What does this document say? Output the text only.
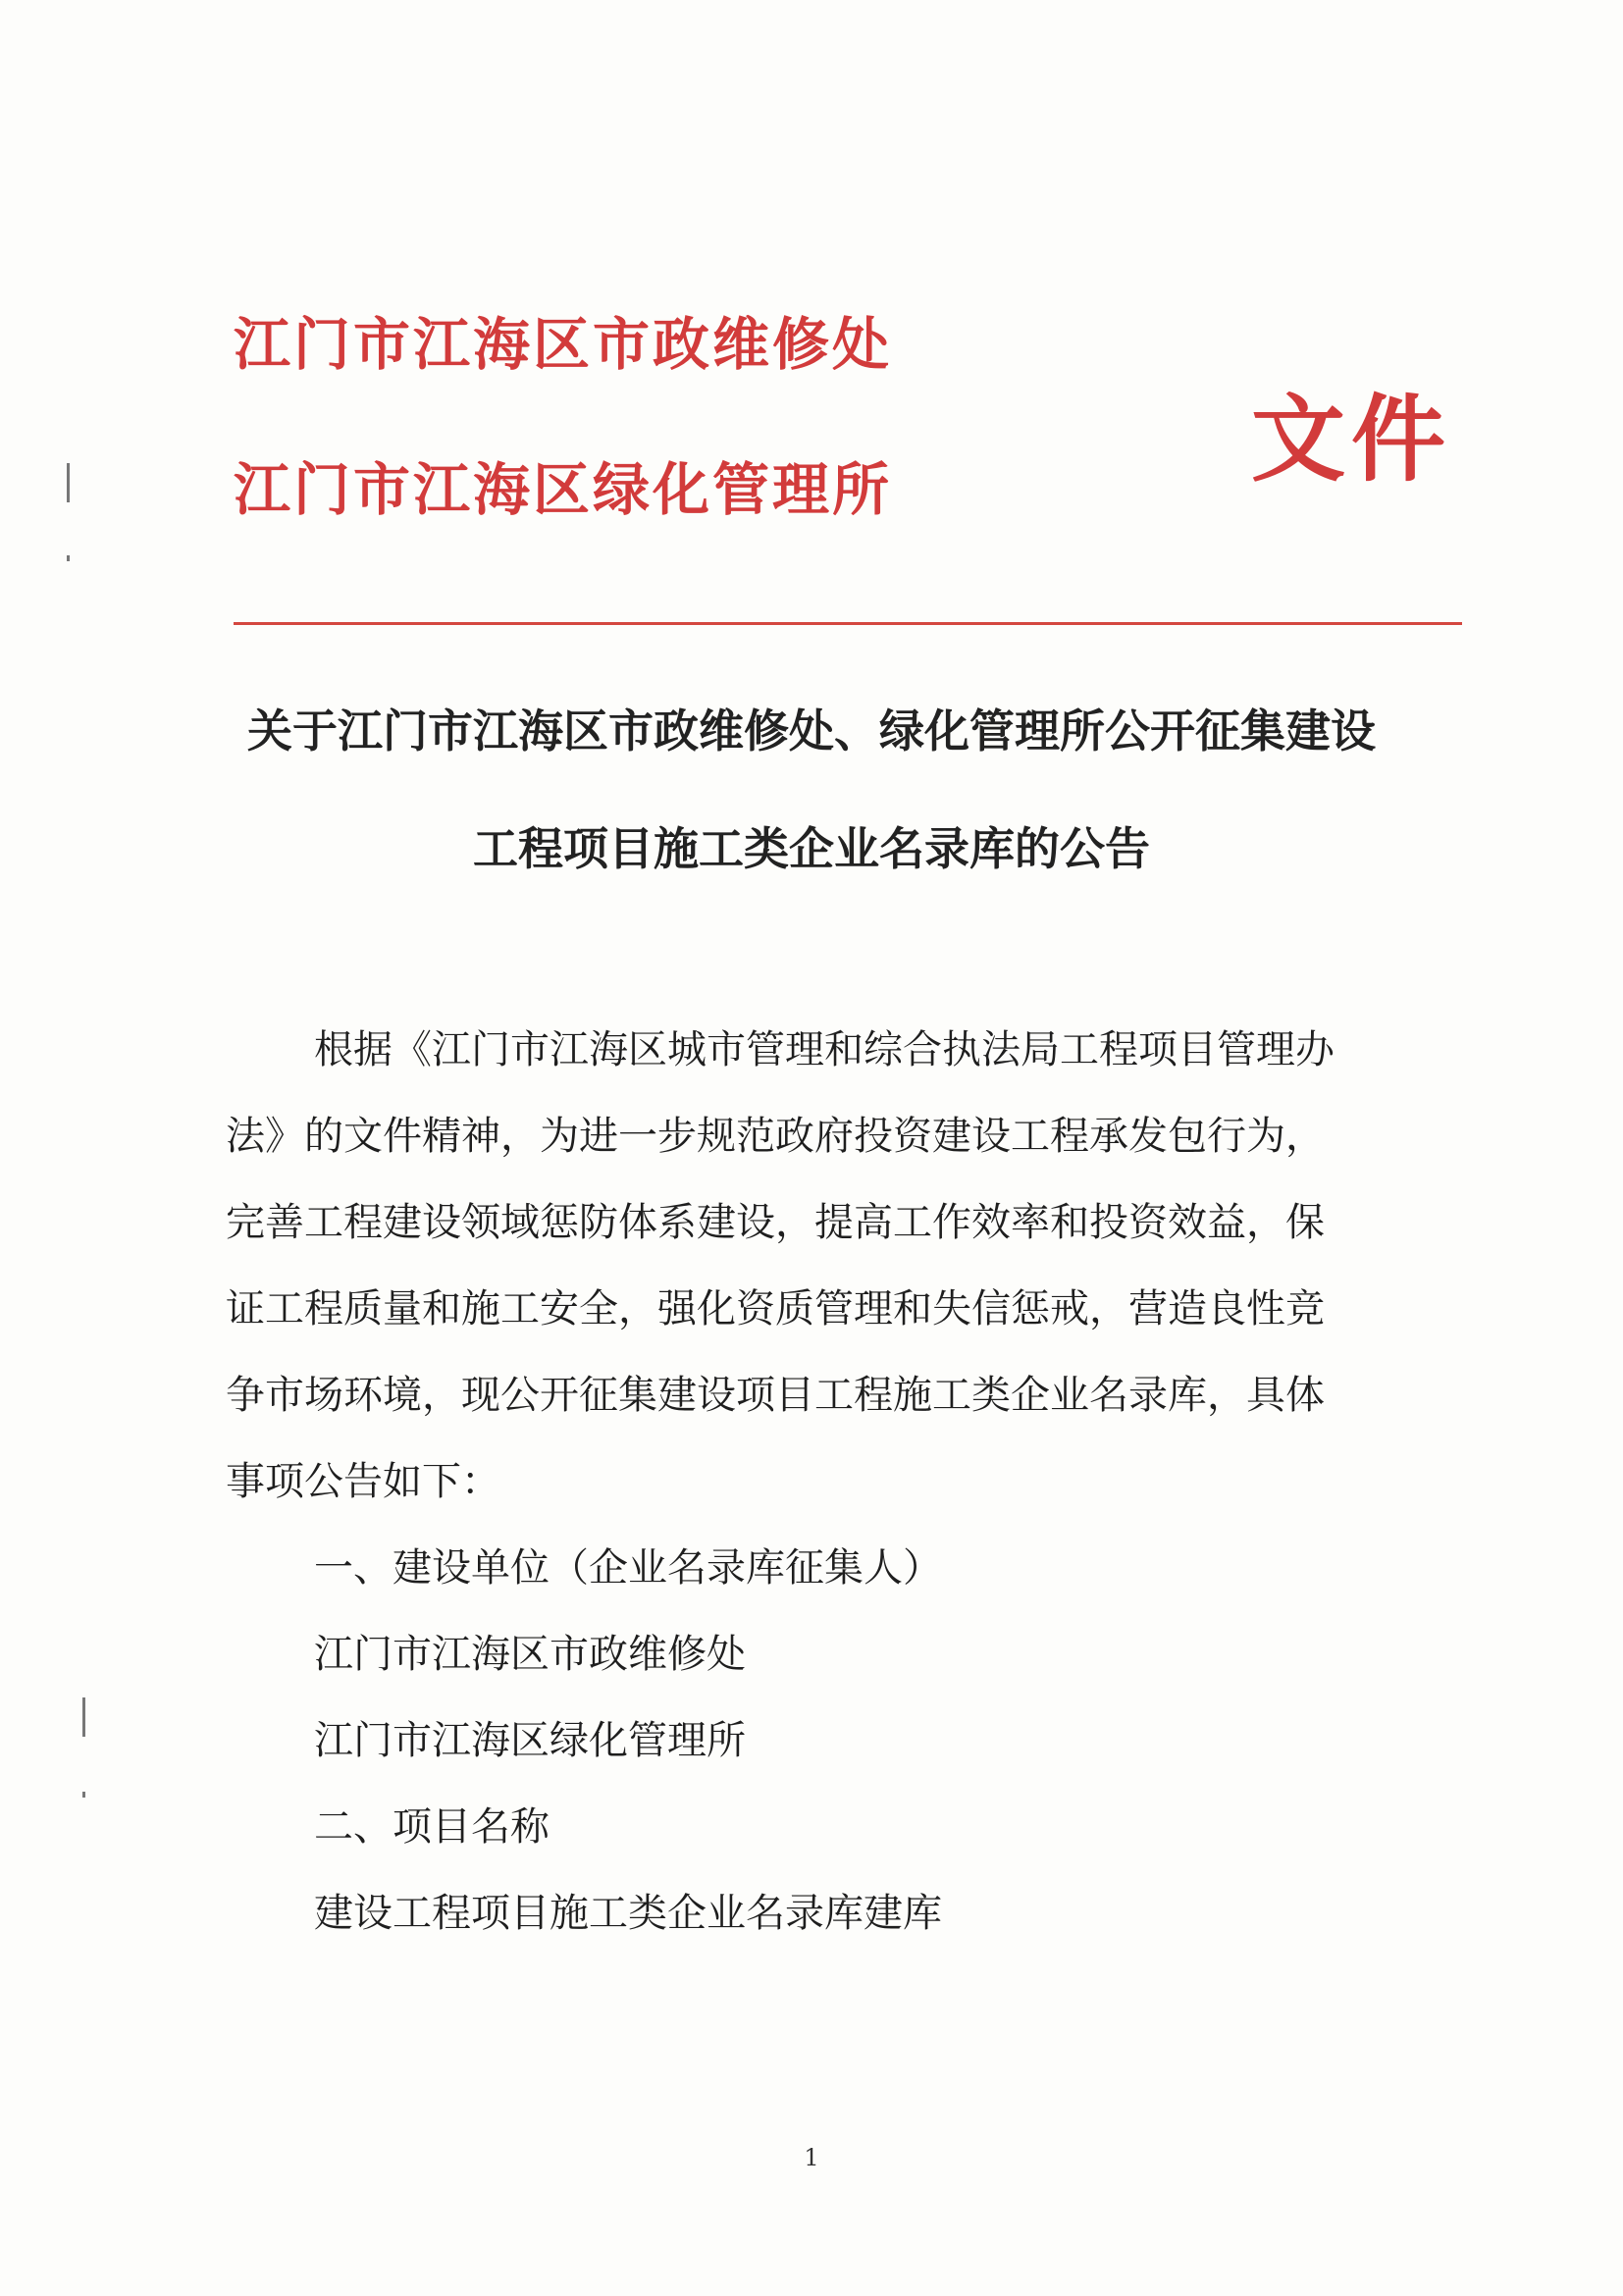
江门市江海区市政维修处
江门市江海区绿化管理所	文件
关于江门市江海区市政维修处、绿化管理所公开征集建设
工程项目施工类企业名录库的公告
根据《江门市江海区城市管理和综合执法局工程项目管理办
法》的文件精神，为进一步规范政府投资建设工程承发包行为，
完善工程建设领域惩防体系建设，提高工作效率和投资效益，保
证工程质量和施工安全，强化资质管理和失信惩戒，营造良性竞
争市场环境，现公开征集建设项目工程施工类企业名录库，具体
事项公告如下：
一、建设单位（企业名录库征集人）
江门市江海区市政维修处
江门市江海区绿化管理所
二、项目名称
建设工程项目施工类企业名录库建库
1
